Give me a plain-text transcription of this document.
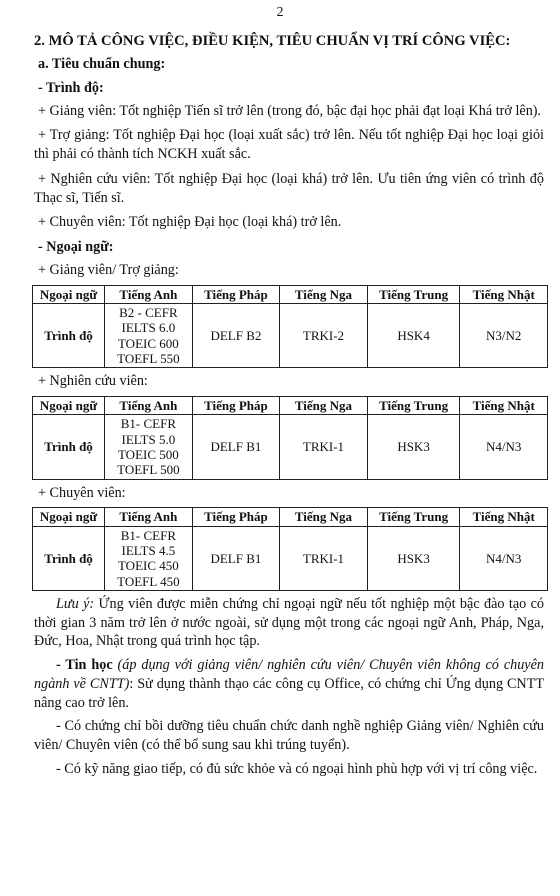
2

2. MÔ TẢ CÔNG VIỆC, ĐIỀU KIỆN, TIÊU CHUẨN VỊ TRÍ CÔNG VIỆC:

a. Tiêu chuẩn chung:

- Trình độ:

+ Giảng viên: Tốt nghiệp Tiến sĩ trở lên (trong đó, bậc đại học phải đạt loại Khá trở lên).

+ Trợ giảng: Tốt nghiệp Đại học (loại xuất sắc) trở lên. Nếu tốt nghiệp Đại học loại giỏi thì phải có thành tích NCKH xuất sắc.

+ Nghiên cứu viên: Tốt nghiệp Đại học (loại khá) trở lên. Ưu tiên ứng viên có trình độ Thạc sĩ, Tiến sĩ.

+ Chuyên viên: Tốt nghiệp Đại học (loại khá) trở lên.

- Ngoại ngữ:

+ Giảng viên/ Trợ giảng:

Ngoại ngữ	Tiếng Anh	Tiếng Pháp	Tiếng Nga	Tiếng Trung	Tiếng Nhật
Trình độ	B2 - CEFR
IELTS 6.0
TOEIC 600
TOEFL 550	DELF B2	TRKI-2	HSK4	N3/N2

+ Nghiên cứu viên:

Ngoại ngữ	Tiếng Anh	Tiếng Pháp	Tiếng Nga	Tiếng Trung	Tiếng Nhật
Trình độ	B1- CEFR
IELTS 5.0
TOEIC 500
TOEFL 500	DELF B1	TRKI-1	HSK3	N4/N3

+ Chuyên viên:

Ngoại ngữ	Tiếng Anh	Tiếng Pháp	Tiếng Nga	Tiếng Trung	Tiếng Nhật
Trình độ	B1- CEFR
IELTS 4.5
TOEIC 450
TOEFL 450	DELF B1	TRKI-1	HSK3	N4/N3

Lưu ý: Ứng viên được miễn chứng chỉ ngoại ngữ nếu tốt nghiệp một bậc đào tạo có thời gian 3 năm trở lên ở nước ngoài, sử dụng một trong các ngoại ngữ Anh, Pháp, Nga, Đức, Hoa, Nhật trong quá trình học tập.

- Tin học (áp dụng với giảng viên/ nghiên cứu viên/ Chuyên viên không có chuyên ngành về CNTT): Sử dụng thành thạo các công cụ Office, có chứng chỉ Ứng dụng CNTT nâng cao trở lên.

- Có chứng chỉ bồi dưỡng tiêu chuẩn chức danh nghề nghiệp Giảng viên/ Nghiên cứu viên/ Chuyên viên (có thể bổ sung sau khi trúng tuyển).

- Có kỹ năng giao tiếp, có đủ sức khỏe và có ngoại hình phù hợp với vị trí công việc.
